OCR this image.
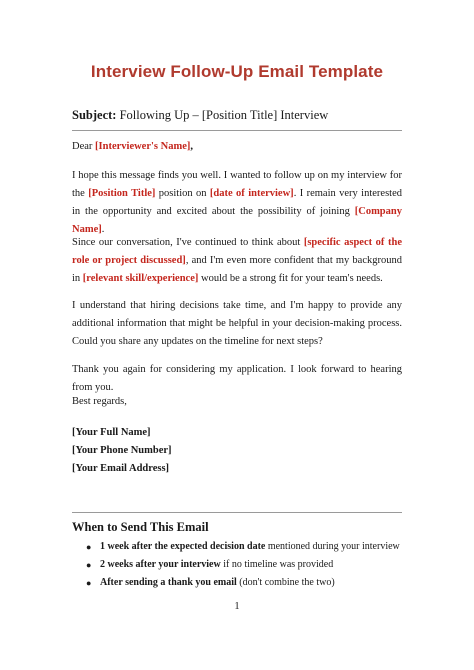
Interview Follow-Up Email Template
Subject: Following Up – [Position Title] Interview
Dear [Interviewer's Name],
I hope this message finds you well. I wanted to follow up on my interview for the [Position Title] position on [date of interview]. I remain very interested in the opportunity and excited about the possibility of joining [Company Name].
Since our conversation, I've continued to think about [specific aspect of the role or project discussed], and I'm even more confident that my background in [relevant skill/experience] would be a strong fit for your team's needs.
I understand that hiring decisions take time, and I'm happy to provide any additional information that might be helpful in your decision-making process. Could you share any updates on the timeline for next steps?
Thank you again for considering my application. I look forward to hearing from you.
Best regards,
[Your Full Name]
[Your Phone Number]
[Your Email Address]
When to Send This Email
● 1 week after the expected decision date mentioned during your interview
● 2 weeks after your interview if no timeline was provided
● After sending a thank you email (don't combine the two)
1
